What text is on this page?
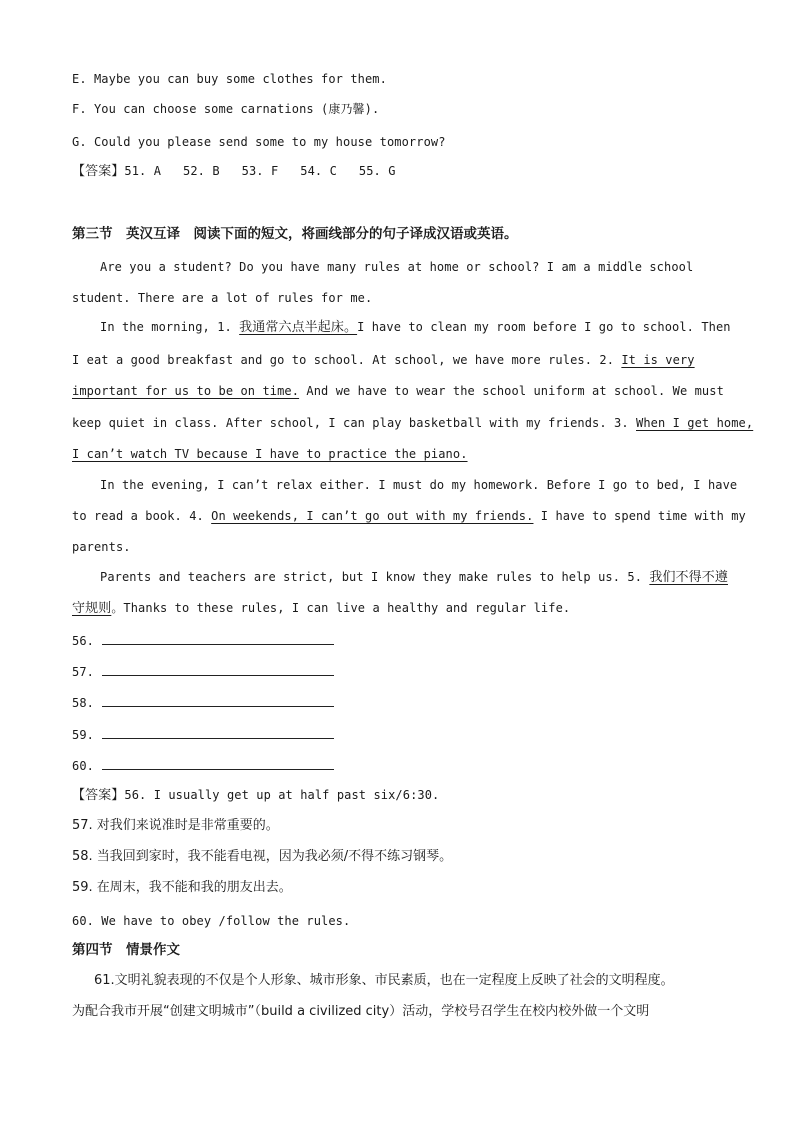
E. Maybe you can buy some clothes for them.
F. You can choose some carnations (康乃馨).
G. Could you please send some to my house tomorrow?
【答案】51. A 52. B 53. F 54. C 55. G
第三节　英汉互译　阅读下面的短文，将画线部分的句子译成汉语或英语。
Are you a student? Do you have many rules at home or school? I am a middle school
student. There are a lot of rules for me.
In the morning, 1. 我通常六点半起床。I have to clean my room before I go to school. Then
I eat a good breakfast and go to school. At school, we have more rules. 2. It is very
important for us to be on time. And we have to wear the school uniform at school. We must
keep quiet in class. After school, I can play basketball with my friends. 3. When I get home,
I can’t watch TV because I have to practice the piano.
In the evening, I can’t relax either. I must do my homework. Before I go to bed, I have
to read a book. 4. On weekends, I can’t go out with my friends. I have to spend time with my
parents.
Parents and teachers are strict, but I know they make rules to help us. 5. 我们不得不遵
守规则。Thanks to these rules, I can live a healthy and regular life.
56.
57.
58.
59.
60.
【答案】56. I usually get up at half past six/6:30.
57. 对我们来说准时是非常重要的。
58. 当我回到家时，我不能看电视，因为我必须/不得不练习钢琴。
59. 在周末，我不能和我的朋友出去。
60. We have to obey /follow the rules.
第四节　情景作文
61.文明礼貌表现的不仅是个人形象、城市形象、市民素质，也在一定程度上反映了社会的文明程度。
为配合我市开展“创建文明城市”（build a civilized city）活动，学校号召学生在校内校外做一个文明
